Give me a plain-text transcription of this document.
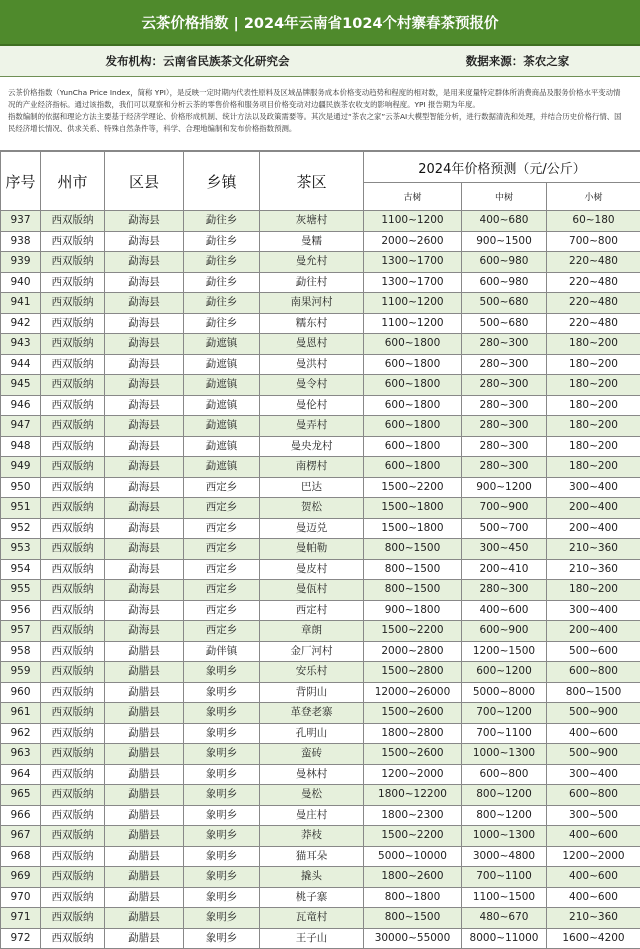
云茶价格指数 | 2024年云南省1024个村寨春茶预报价
发布机构：云南省民族茶文化研究会	数据来源：茶农之家

云茶价格指数（YunCha Price Index，简称 YPI），是反映一定时期内代表性原料及区域品牌服务成本价格变动趋势和程度的相对数，是用来度量特定群体所消费商品及服务价格水平变动情况的产业经济指标。通过该指数，我们可以观察和分析云茶的零售价格和服务项目价格变动对边疆民族茶农收支的影响程度。YPI 报告期为年度。

指数编制的依据和理论方法主要基于经济学理论、价格形成机制、统计方法以及政策需要等。其次是通过“茶农之家”云茶AI大模型智能分析，进行数据清洗和处理，并结合历史价格行情、国民经济增长情况、供求关系、特殊自然条件等，科学、合理地编制和发布价格指数预测。

序号	州市	区县	乡镇	茶区	2024年价格预测（元/公斤）		
					古树	中树	小树
937	西双版纳	勐海县	勐往乡	灰塘村	1100~1200	400~680	60~180
938	西双版纳	勐海县	勐往乡	曼糯	2000~2600	900~1500	700~800
939	西双版纳	勐海县	勐往乡	曼允村	1300~1700	600~980	220~480
940	西双版纳	勐海县	勐往乡	勐往村	1300~1700	600~980	220~480
941	西双版纳	勐海县	勐往乡	南果河村	1100~1200	500~680	220~480
942	西双版纳	勐海县	勐往乡	糯东村	1100~1200	500~680	220~480
943	西双版纳	勐海县	勐遮镇	曼恩村	600~1800	280~300	180~200
944	西双版纳	勐海县	勐遮镇	曼洪村	600~1800	280~300	180~200
945	西双版纳	勐海县	勐遮镇	曼令村	600~1800	280~300	180~200
946	西双版纳	勐海县	勐遮镇	曼伦村	600~1800	280~300	180~200
947	西双版纳	勐海县	勐遮镇	曼弄村	600~1800	280~300	180~200
948	西双版纳	勐海县	勐遮镇	曼央龙村	600~1800	280~300	180~200
949	西双版纳	勐海县	勐遮镇	南楞村	600~1800	280~300	180~200
950	西双版纳	勐海县	西定乡	巴达	1500~2200	900~1200	300~400
951	西双版纳	勐海县	西定乡	贺松	1500~1800	700~900	200~400
952	西双版纳	勐海县	西定乡	曼迈兑	1500~1800	500~700	200~400
953	西双版纳	勐海县	西定乡	曼帕勒	800~1500	300~450	210~360
954	西双版纳	勐海县	西定乡	曼皮村	800~1500	200~410	210~360
955	西双版纳	勐海县	西定乡	曼佤村	800~1500	280~300	180~200
956	西双版纳	勐海县	西定乡	西定村	900~1800	400~600	300~400
957	西双版纳	勐海县	西定乡	章朗	1500~2200	600~900	200~400
958	西双版纳	勐腊县	勐伴镇	金厂河村	2000~2800	1200~1500	500~600
959	西双版纳	勐腊县	象明乡	安乐村	1500~2800	600~1200	600~800
960	西双版纳	勐腊县	象明乡	背阴山	12000~26000	5000~8000	800~1500
961	西双版纳	勐腊县	象明乡	革登老寨	1500~2600	700~1200	500~900
962	西双版纳	勐腊县	象明乡	孔明山	1800~2800	700~1100	400~600
963	西双版纳	勐腊县	象明乡	蛮砖	1500~2600	1000~1300	500~900
964	西双版纳	勐腊县	象明乡	曼林村	1200~2000	600~800	300~400
965	西双版纳	勐腊县	象明乡	曼松	1800~12200	800~1200	600~800
966	西双版纳	勐腊县	象明乡	曼庄村	1800~2300	800~1200	300~500
967	西双版纳	勐腊县	象明乡	莽枝	1500~2200	1000~1300	400~600
968	西双版纳	勐腊县	象明乡	猫耳朵	5000~10000	3000~4800	1200~2000
969	西双版纳	勐腊县	象明乡	撬头	1800~2600	700~1100	400~600
970	西双版纳	勐腊县	象明乡	桃子寨	800~1800	1100~1500	400~600
971	西双版纳	勐腊县	象明乡	瓦竜村	800~1500	480~670	210~360
972	西双版纳	勐腊县	象明乡	王子山	30000~55000	8000~11000	1600~4200
